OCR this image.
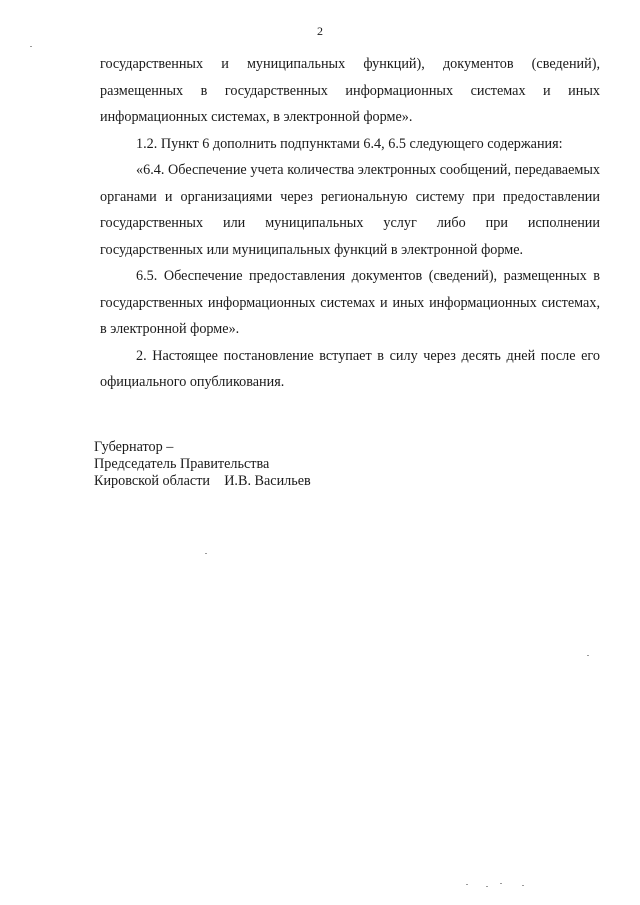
2

государственных и муниципальных функций), документов (сведений), размещенных в государственных информационных системах и иных информационных системах, в электронной форме».

1.2. Пункт 6 дополнить подпунктами 6.4, 6.5 следующего содержания:

«6.4. Обеспечение учета количества электронных сообщений, передаваемых органами и организациями через региональную систему при предоставлении государственных или муниципальных услуг либо при исполнении государственных или муниципальных функций в электронной форме.

6.5. Обеспечение предоставления документов (сведений), размещенных в государственных информационных системах и иных информационных системах, в электронной форме».

2. Настоящее постановление вступает в силу через десять дней после его официального опубликования.

Губернатор –
Председатель Правительства
Кировской области И.В. Васильев
